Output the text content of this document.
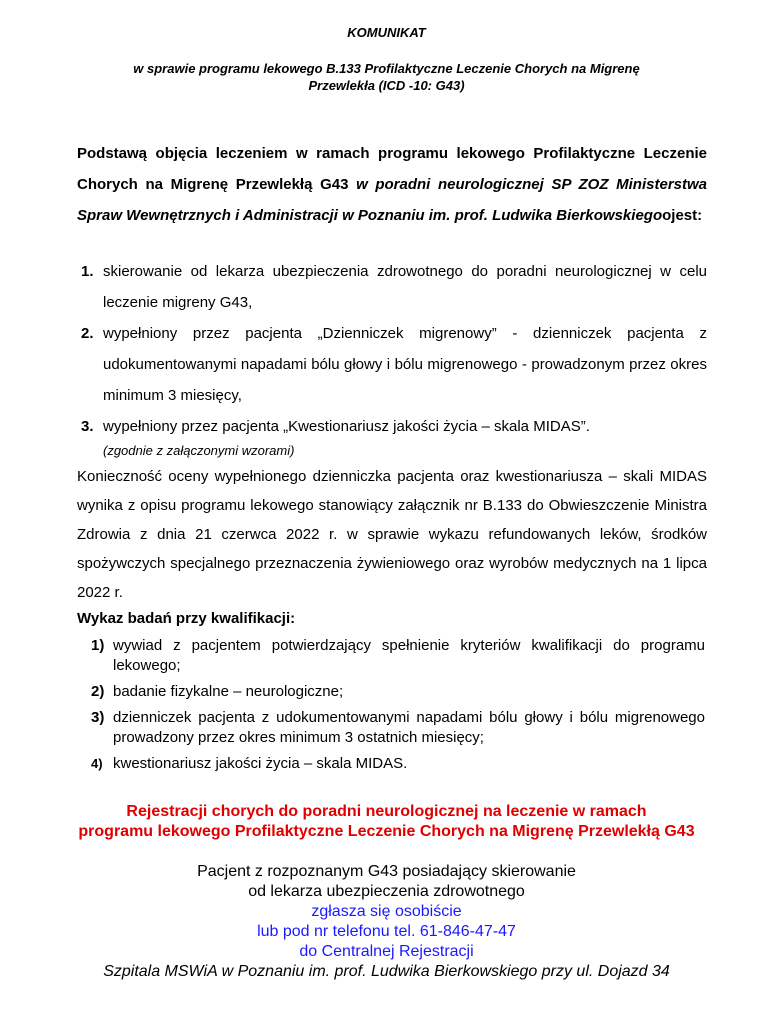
KOMUNIKAT
w sprawie programu lekowego B.133 Profilaktyczne Leczenie Chorych na Migrenę
Przewlekła (ICD -10: G43)
Podstawą objęcia leczeniem w ramach programu lekowego Profilaktyczne Leczenie Chorych na Migrenę Przewlekłą G43 w poradni neurologicznej SP ZOZ Ministerstwa Spraw Wewnętrznych i Administracji w Poznaniu im. prof. Ludwika Bierkowskiegoojest:
1. skierowanie od lekarza ubezpieczenia zdrowotnego do poradni neurologicznej w celu leczenie migreny G43,
2. wypełniony przez pacjenta „Dzienniczek migrenowy” - dzienniczek pacjenta z udokumentowanymi napadami bólu głowy i bólu migrenowego - prowadzonym przez okres minimum 3 miesięcy,
3. wypełniony przez pacjenta „Kwestionariusz jakości życia – skala MIDAS”.
(zgodnie z załączonymi wzorami)
Konieczność oceny wypełnionego dzienniczka pacjenta oraz kwestionariusza – skali MIDAS wynika z opisu programu lekowego stanowiący załącznik nr B.133 do Obwieszczenie Ministra Zdrowia z dnia 21 czerwca 2022 r. w sprawie wykazu refundowanych leków, środków spożywczych specjalnego przeznaczenia żywieniowego oraz wyrobów medycznych na 1 lipca 2022 r.
Wykaz badań przy kwalifikacji:
1) wywiad z pacjentem potwierdzający spełnienie kryteriów kwalifikacji do programu lekowego;
2) badanie fizykalne – neurologiczne;
3) dzienniczek pacjenta z udokumentowanymi napadami bólu głowy i bólu migrenowego prowadzony przez okres minimum 3 ostatnich miesięcy;
4) kwestionariusz jakości życia – skala MIDAS.
Rejestracji chorych do poradni neurologicznej na leczenie w ramach
programu lekowego Profilaktyczne Leczenie Chorych na Migrenę Przewlekłą G43
Pacjent z rozpoznanym G43 posiadający skierowanie
od lekarza ubezpieczenia zdrowotnego
zgłasza się osobiście
lub pod nr telefonu tel. 61-846-47-47
do Centralnej Rejestracji
Szpitala MSWiA w Poznaniu im. prof. Ludwika Bierkowskiego przy ul. Dojazd 34
